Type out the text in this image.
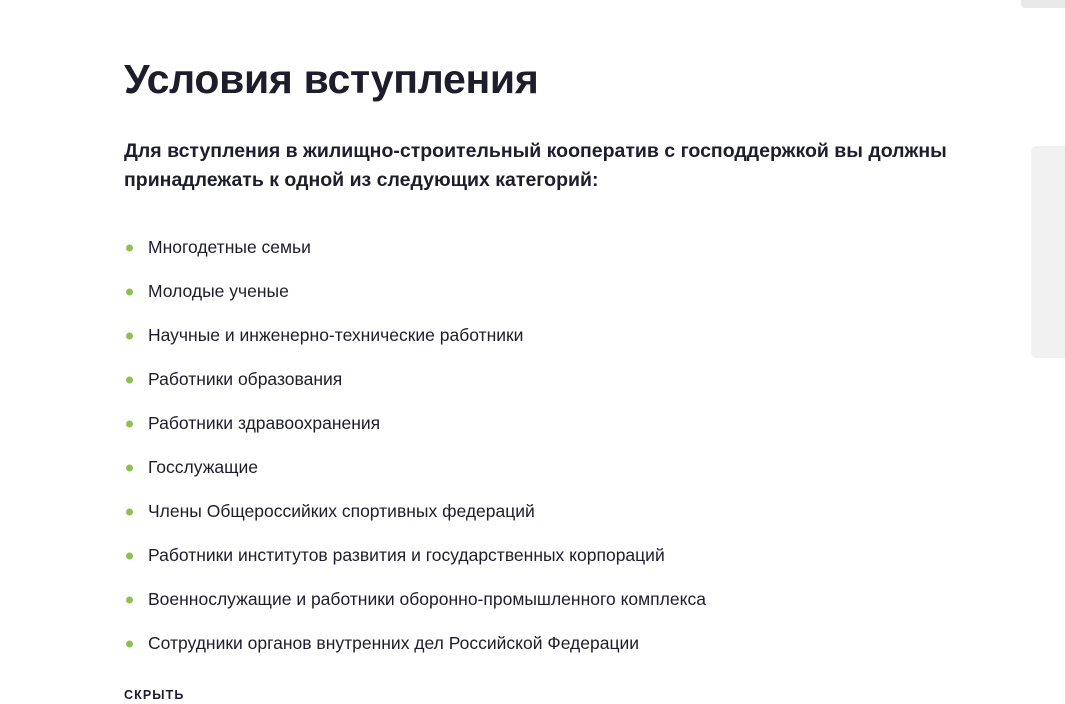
Условия вступления

Для вступления в жилищно-строительный кооператив с господдержкой вы должны принадлежать к одной из следующих категорий:

Многодетные семьи
Молодые ученые
Научные и инженерно-технические работники
Работники образования
Работники здравоохранения
Госслужащие
Члены Общероссийких спортивных федераций
Работники институтов развития и государственных корпораций
Военнослужащие и работники оборонно-промышленного комплекса
Сотрудники органов внутренних дел Российской Федерации
СКРЫТЬ
